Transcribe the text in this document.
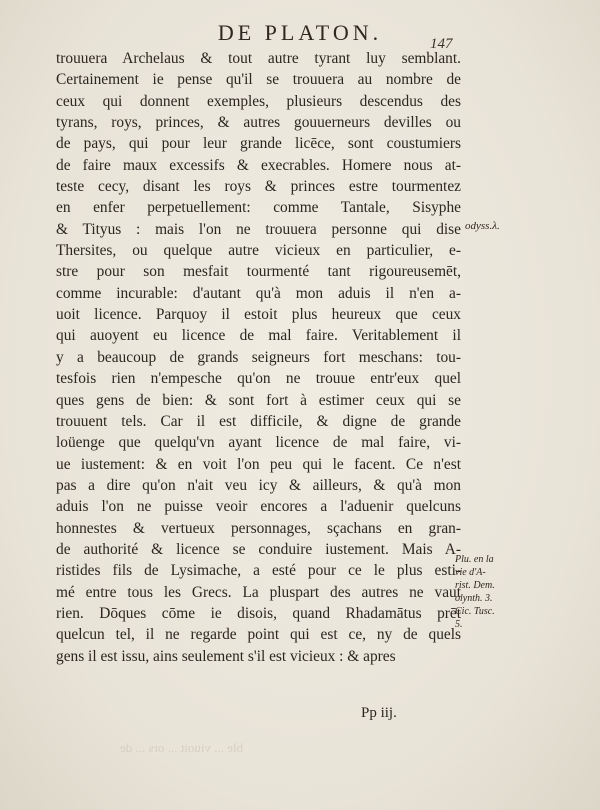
DE PLATON.	147
trouuera Archelaus & tout autre tyrant luy semblant.
Certainement ie pense qu'il se trouuera au nombre de
ceux qui donnent exemples, plusieurs descendus des
tyrans, roys, princes, & autres gouuerneurs devilles ou
de pays, qui pour leur grande licēce, sont coustumiers
de faire maux excessifs & execrables. Homere nous at-
teste cecy, disant les roys & princes estre tourmentez
en enfer perpetuellement: comme Tantale, Sisyphe
& Tityus : mais l'on ne trouuera personne qui dise
Thersites, ou quelque autre vicieux en particulier, e-
stre pour son mesfait tourmenté tant rigoureusemēt,
comme incurable: d'autant qu'à mon aduis il n'en a-
uoit licence. Parquoy il estoit plus heureux que ceux
qui auoyent eu licence de mal faire. Veritablement il
y a beaucoup de grands seigneurs fort meschans: tou-
tesfois rien n'empesche qu'on ne trouue entr'eux quel
ques gens de bien: & sont fort à estimer ceux qui se
trouuent tels. Car il est difficile, & digne de grande
loüenge que quelqu'vn ayant licence de mal faire, vi-
ue iustement: & en voit l'on peu qui le facent. Ce n'est
pas a dire qu'on n'ait veu icy & ailleurs, & qu'à mon
aduis l'on ne puisse veoir encores a l'aduenir quelcuns
honnestes & vertueux personnages, sçachans en gran-
de authorité & licence se conduire iustement. Mais A-
ristides fils de Lysimache, a esté pour ce le plus esti-
mé entre tous les Grecs. La pluspart des autres ne vaut
rien. Dōques cōme ie disois, quand Rhadamātus prēt
quelcun tel, il ne regarde point qui est ce, ny de quels
gens il est issu, ains seulement s'il est vicieux : & apres
odyss.λ.
Plu. en la
vie d'A-
rist. Dem.
olynth. 3.
Cic. Tusc.
5.
Pp iij.
ble ... viuoit ... ors ... de
